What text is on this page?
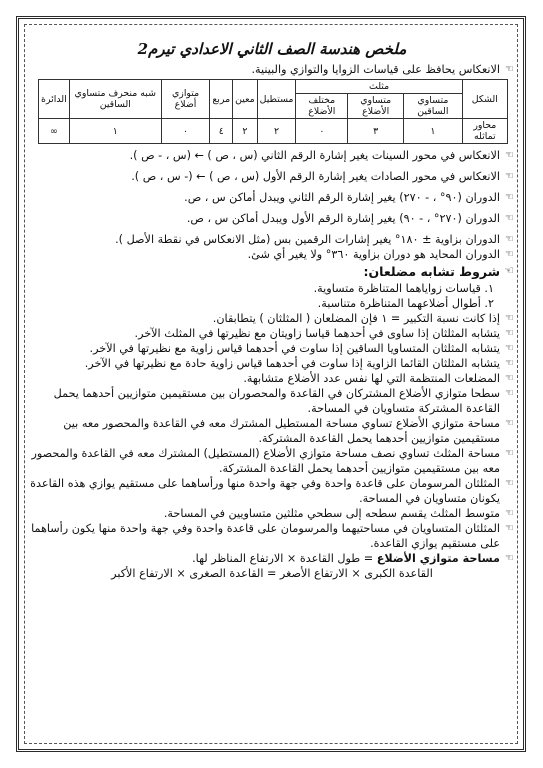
ملخص هندسة الصف الثاني الاعدادي تيرم2

☜
الانعكاس يحافظ على قياسات الزوايا والتوازي والبينية.

الشكل	مثلث			مستطيل	معين	مربع	متوازي أضلاع	شبه منحرف متساوي الساقين	الدائرة
	متساوي الساقين	متساوي الأضلاع	مختلف الأضلاع						
محاور تماثله	١	٣	٠	٢	٢	٤	٠	١	∞

☜
الانعكاس في محور السينات يغير إشارة الرقم الثاني (س ، ص ) ← (س ، - ص ).

☜
الانعكاس في محور الصادات يغير إشارة الرقم الأول (س ، ص ) ← (- س ، ص ).

☜
الدوران (٩٠° ، - ٢٧٠) يغير إشارة الرقم الثاني ويبدل أماكن س ، ص.

☜
الدوران (٢٧٠° ، - ٩٠) يغير إشارة الرقم الأول ويبدل أماكن س ، ص.

☜
الدوران بزاوية ± ١٨٠° يغير إشارات الرقمين بس (مثل الانعكاس في نقطة الأصل ).

☜
الدوران المحايد هو دوران بزاوية ٣٦٠° ولا يغير أي شئ.

☜
شروط تشابه مضلعان:

١. قياسات زواياهما المتناظرة متساوية.

٢. أطوال أضلاعهما المتناظرة متناسبة.

☜
إذا كانت نسبة التكبير = ١ فإن المضلعان ( المثلثان ) يتطابقان.

☜
يتشابه المثلثان إذا ساوى في أحدهما قياسا زاويتان مع نظيرتها في المثلث الآخر.

☜
يتشابه المثلثان المتساويا الساقين إذا ساوت في أحدهما قياس زاوية مع نظيرتها في الآخر.

☜
يتشابه المثلثان القائما الزاوية إذا ساوت في أحدهما قياس زاوية حادة مع نظيرتها في الآخر.

☜
المضلعات المنتظمة التي لها نفس عدد الأضلاع متشابهة.

☜
سطحا متوازي الأضلاع المشتركان في القاعدة والمحصوران بين مستقيمين متوازيين أحدهما يحمل القاعدة المشتركة متساويان في المساحة.

☜
مساحة متوازي الأضلاع تساوي مساحة المستطيل المشترك معه في القاعدة والمحصور معه بين مستقيمين متوازيين أحدهما يحمل القاعدة المشتركة.

☜
مساحة المثلث تساوي نصف مساحة متوازي الأضلاع (المستطيل) المشترك معه في القاعدة والمحصور معه بين مستقيمين متوازيين أحدهما يحمل القاعدة المشتركة.

☜
المثلثان المرسومان على قاعدة واحدة وفي جهة واحدة منها ورأساهما على مستقيم يوازي هذه القاعدة يكونان متساويان في المساحة.

☜
متوسط المثلث يقسم سطحه إلى سطحي مثلثين متساويين في المساحة.

☜
المثلثان المتساويان في مساحتيهما والمرسومان على قاعدة واحدة وفي جهة واحدة منها يكون رأساهما على مستقيم يوازي القاعدة.

☜
مساحة متوازي الأضلاع = طول القاعدة × الارتفاع المناظر لها.

القاعدة الكبرى × الارتفاع الأصغر = القاعدة الصغرى × الارتفاع الأكبر
